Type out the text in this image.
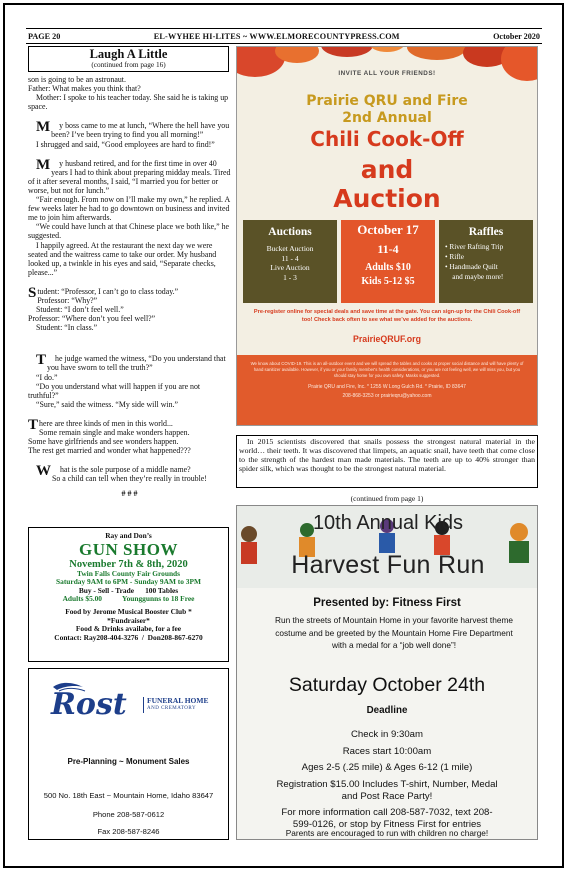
PAGE 20	EL-WYHEE HI-LITES ~ WWW.ELMORECOUNTYPRESS.COM	October 2020
Laugh A Little
(continued from page 16)

son is going to be an astronaut.

Father: What makes you think that?

Mother: I spoke to his teacher today. She said he is taking up space.

M y boss came to me at lunch, “Where the hell have you been? I’ve been trying to find you all morning!”

I shrugged and said, “Good employees are hard to find!”

M y husband retired, and for the first time in over 40 years I had to think about preparing midday meals. Tired of it after several months, I said, “I married you for better or worse, but not for lunch.”

“Fair enough. From now on I’ll make my own,” he replied. A few weeks later he had to go downtown on business and invited me to join him afterwards.

“We could have lunch at that Chinese place we both like,” he suggested.

I happily agreed. At the restaurant the next day we were seated and the waitress came to take our order. My husband looked up, a twinkle in his eyes and said, “Separate checks, please...”

Student: “Professor, I can’t go to class today.”

Professor: “Why?”

Student: “I don’t feel well.”

Professor: “Where don’t you feel well?”

Student: “In class.”

T he judge warned the witness, “Do you understand that you have sworn to tell the truth?”

“I do.”

“Do you understand what will happen if you are not truthful?”

“Sure,” said the witness. “My side will win.”

There are three kinds of men in this world...

Some remain single and make wonders happen.

Some have girlfriends and see wonders happen.

The rest get married and wonder what happened???

W hat is the sole purpose of a middle name?

So a child can tell when they’re really in trouble!

# # #
Ray and Don’s
GUN SHOW
November 7th & 8th, 2020
Twin Falls County Fair Grounds
Saturday 9AM to 6PM - Sunday 9AM to 3PM
Buy - Sell - Trade      100 Tables
Adults $5.00           Younggunns to 18 Free
Food by Jerome Musical Booster Club *
*Fundraiser*
Food & Drinks availabe, for a fee
Contact: Ray208-404-3276  /  Don208-867-6270
Rost	FUNERAL HOME
AND CREMATORY
Pre-Planning ~ Monument Sales
500 No. 18th East ~ Mountain Home, Idaho 83647
Phone 208-587-0612
Fax 208-587-8246
INVITE ALL YOUR FRIENDS!
Prairie QRU and Fire
2nd Annual
Chili Cook-Off
and
Auction
Auctions
Bucket Auction
11 - 4
Live Auction
1 - 3
October 17
11-4
Adults $10
Kids 5-12 $5
Raffles
• River Rafting Trip
• Rifle
• Handmade Quilt
and maybe more!
Pre-register online for special deals and save time at the gate. You can sign-up for the Chili Cook-off too! Check back often to see what we’ve added for the auctions.
PrairieQRUF.org
We know about COVID-19. This is an all-outdoor event and we will spread the tables and cooks at proper social distance and will have plenty of hand sanitizer available. However, if you or your family member's health considerations, or you are not feeling well, we will miss you, but you should stay home for you own safety. Masks suggested.
Prairie QRU and Fire, Inc. * 1255 W Long Gulch Rd. * Prairie, ID 83647
208-868-3253 or prairieqru@yahoo.com
In 2015 scientists discovered that snails possess the strongest natural material in the world… their teeth. It was discovered that limpets, an aquatic snail, have teeth that come close to the strength of the hardest man made materials. The teeth are up to 40% stronger than spider silk, which was thought to be the strongest natural material.
(continued from page 1)
10th Annual Kids
Harvest Fun Run
Presented by: Fitness First
Run the streets of Mountain Home in your favorite harvest theme costume and be greeted by the Mountain Home Fire Department with a medal for a “job well done”!
Saturday October 24th
Deadline
Check in 9:30am
Races start 10:00am
Ages 2-5 (.25 mile) & Ages 6-12 (1 mile)
Registration $15.00 Includes T-shirt, Number, Medal
and Post Race Party!
For more information call 208-587-7032, text 208-
599-0126, or stop by Fitness First for entries
Parents are encouraged to run with children no charge!
